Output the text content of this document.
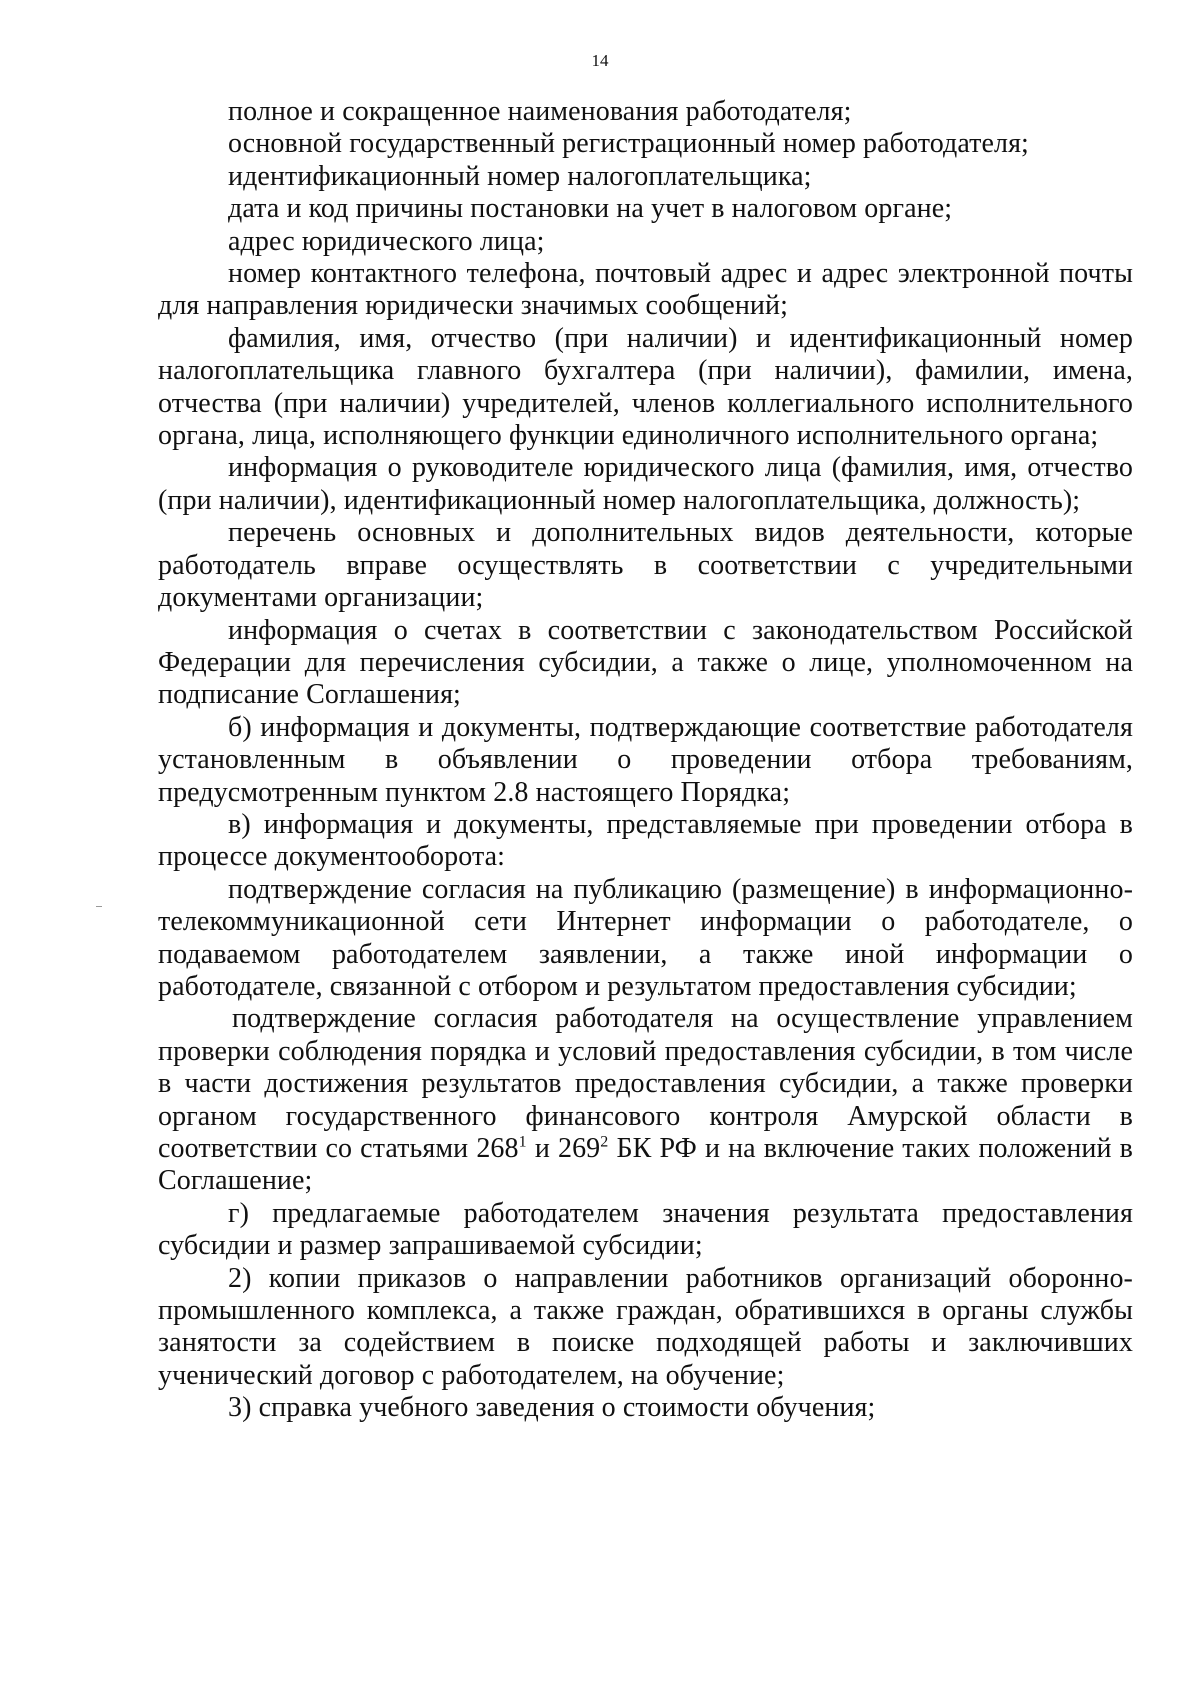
14

полное и сокращенное наименования работодателя;

основной государственный регистрационный номер работодателя;

идентификационный номер налогоплательщика;

дата и код причины постановки на учет в налоговом органе;

адрес юридического лица;

номер контактного телефона, почтовый адрес и адрес электронной почты для направления юридически значимых сообщений;

фамилия, имя, отчество (при наличии) и идентификационный номер налогоплательщика главного бухгалтера (при наличии), фамилии, имена, отчества (при наличии) учредителей, членов коллегиального исполнительного органа, лица, исполняющего функции единоличного исполнительного органа;

информация о руководителе юридического лица (фамилия, имя, отчество (при наличии), идентификационный номер налогоплательщика, должность);

перечень основных и дополнительных видов деятельности, которые работодатель вправе осуществлять в соответствии с учредительными документами организации;

информация о счетах в соответствии с законодательством Российской Федерации для перечисления субсидии, а также о лице, уполномоченном на подписание Соглашения;

б) информация и документы, подтверждающие соответствие работодателя установленным в объявлении о проведении отбора требованиям, предусмотренным пунктом 2.8 настоящего Порядка;

в) информация и документы, представляемые при проведении отбора в процессе документооборота:

подтверждение согласия на публикацию (размещение) в информационно-телекоммуникационной сети Интернет информации о работодателе, о подаваемом работодателем заявлении, а также иной информации о работодателе, связанной с отбором и результатом предоставления субсидии;

подтверждение согласия работодателя на осуществление управлением проверки соблюдения порядка и условий предоставления субсидии, в том числе в части достижения результатов предоставления субсидии, а также проверки органом государственного финансового контроля Амурской области в соответствии со статьями $268^1$ и $269^2$ БК РФ и на включение таких положений в Соглашение;

г) предлагаемые работодателем значения результата предоставления субсидии и размер запрашиваемой субсидии;

2) копии приказов о направлении работников организаций оборонно-промышленного комплекса, а также граждан, обратившихся в органы службы занятости за содействием в поиске подходящей работы и заключивших ученический договор с работодателем, на обучение;

3) справка учебного заведения о стоимости обучения;
